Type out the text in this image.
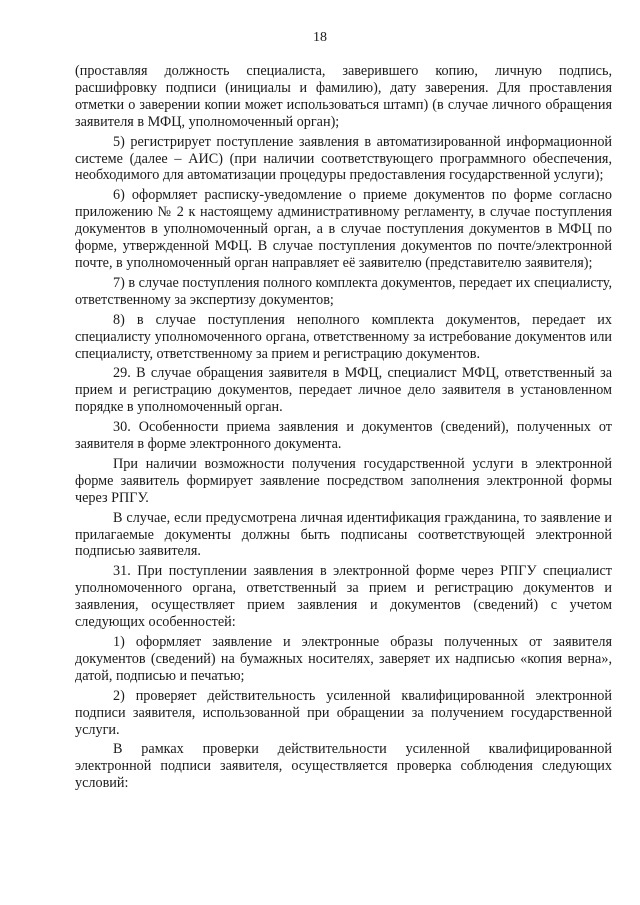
18

(проставляя должность специалиста, заверившего копию, личную подпись, расшифровку подписи (инициалы и фамилию), дату заверения. Для проставления отметки о заверении копии может использоваться штамп) (в случае личного обращения заявителя в МФЦ, уполномоченный орган);

5) регистрирует поступление заявления в автоматизированной информационной системе (далее – АИС) (при наличии соответствующего программного обеспечения, необходимого для автоматизации процедуры предоставления государственной услуги);

6) оформляет расписку-уведомление о приеме документов по форме согласно приложению № 2 к настоящему административному регламенту, в случае поступления документов в уполномоченный орган, а в случае поступления документов в МФЦ по форме, утвержденной МФЦ. В случае поступления документов по почте/электронной почте, в уполномоченный орган направляет её заявителю (представителю заявителя);

7) в случае поступления полного комплекта документов, передает их специалисту, ответственному за экспертизу документов;

8) в случае поступления неполного комплекта документов, передает их специалисту уполномоченного органа, ответственному за истребование документов или специалисту, ответственному за прием и регистрацию документов.

29. В случае обращения заявителя в МФЦ, специалист МФЦ, ответственный за прием и регистрацию документов, передает личное дело заявителя в установленном порядке в уполномоченный орган.

30. Особенности приема заявления и документов (сведений), полученных от заявителя в форме электронного документа.

При наличии возможности получения государственной услуги в электронной форме заявитель формирует заявление посредством заполнения электронной формы через РПГУ.

В случае, если предусмотрена личная идентификация гражданина, то заявление и прилагаемые документы должны быть подписаны соответствующей электронной подписью заявителя.

31. При поступлении заявления в электронной форме через РПГУ специалист уполномоченного органа, ответственный за прием и регистрацию документов и заявления, осуществляет прием заявления и документов (сведений) с учетом следующих особенностей:

1) оформляет заявление и электронные образы полученных от заявителя документов (сведений) на бумажных носителях, заверяет их надписью «копия верна», датой, подписью и печатью;

2) проверяет действительность усиленной квалифицированной электронной подписи заявителя, использованной при обращении за получением государственной услуги.

В рамках проверки действительности усиленной квалифицированной электронной подписи заявителя, осуществляется проверка соблюдения следующих условий:
